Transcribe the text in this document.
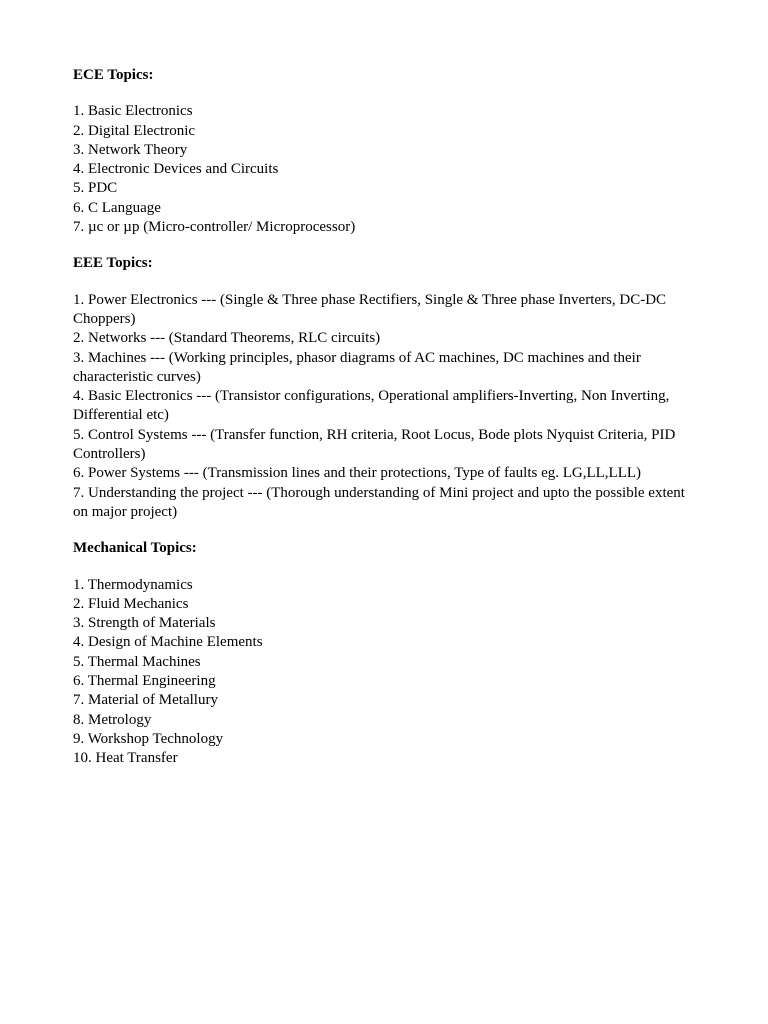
ECE Topics:

1. Basic Electronics
2. Digital Electronic
3. Network Theory
4. Electronic Devices and Circuits
5. PDC
6. C Language
7. µc or µp (Micro-controller/ Microprocessor)

EEE Topics:

1. Power Electronics --- (Single & Three phase Rectifiers, Single & Three phase Inverters, DC-DC Choppers)
2. Networks --- (Standard Theorems, RLC circuits)
3. Machines --- (Working principles, phasor diagrams of AC machines, DC machines and their characteristic curves)
4. Basic Electronics --- (Transistor configurations, Operational amplifiers-Inverting, Non Inverting, Differential etc)
5. Control Systems --- (Transfer function, RH criteria, Root Locus, Bode plots Nyquist Criteria, PID Controllers)
6. Power Systems --- (Transmission lines and their protections, Type of faults eg. LG,LL,LLL)
7. Understanding the project --- (Thorough understanding of Mini project and upto the possible extent on major project)

Mechanical Topics:

1. Thermodynamics
2. Fluid Mechanics
3. Strength of Materials
4. Design of Machine Elements
5. Thermal Machines
6. Thermal Engineering
7. Material of Metallury
8. Metrology
9. Workshop Technology
10. Heat Transfer
